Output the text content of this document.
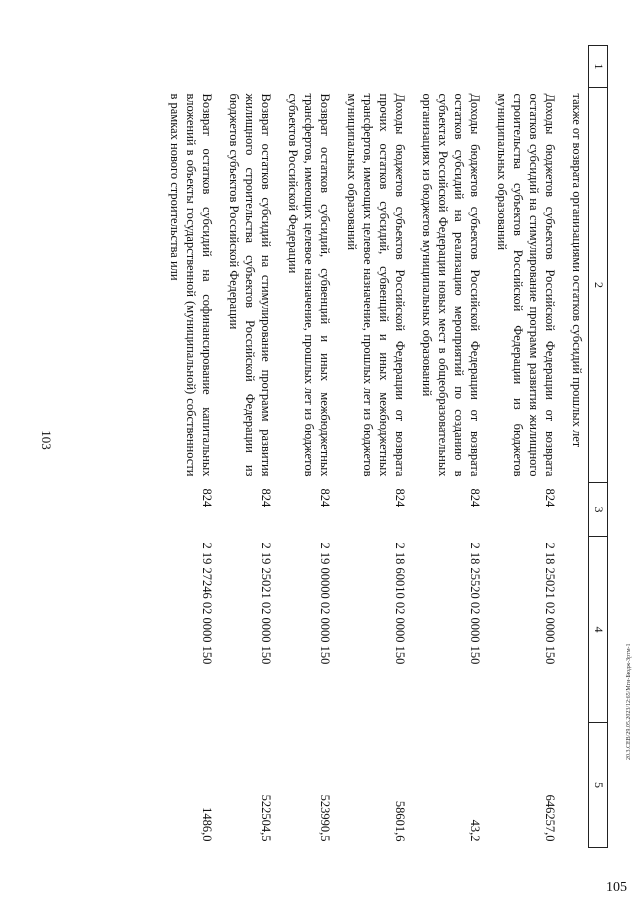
103
105
20.3.СЕВ/29.05.2023/12:65/Мгн-Бюдж-Зртм-1
1	2	3	4	5
	также от возврата организациями остатков субсидий прошлых лет			
	Доходы бюджетов субъектов Российской Федерации от возврата остатков субсидий на стимулирование программ развития жилищного строительства субъектов Российской Федерации из бюджетов муниципальных образований	824	2 18 25021 02 0000 150	646257,0
	Доходы бюджетов субъектов Российской Федерации от возврата остатков субсидий на реализацию мероприятий по созданию в субъектах Российской Федерации новых мест в общеобразовательных организациях из бюджетов муниципальных образований	824	2 18 25520 02 0000 150	43,2
	Доходы бюджетов субъектов Российской Федерации от возврата прочих остатков субсидий, субвенций и иных межбюджетных трансфертов, имеющих целевое назначение, прошлых лет из бюджетов муниципальных образований	824	2 18 60010 02 0000 150	58601,6
	Возврат остатков субсидий, субвенций и иных межбюджетных трансфертов, имеющих целевое назначение, прошлых лет из бюджетов субъектов Российской Федерации	824	2 19 00000 02 0000 150	523990,5
	Возврат остатков субсидий на стимулирование программ развития жилищного строительства субъектов Российской Федерации из бюджетов субъектов Российской Федерации	824	2 19 25021 02 0000 150	522504,5
	Возврат остатков субсидий на софинансирование капитальных вложений в объекты государственной (муниципальной) собственности в рамках нового строительства или	824	2 19 27246 02 0000 150	1486,0
